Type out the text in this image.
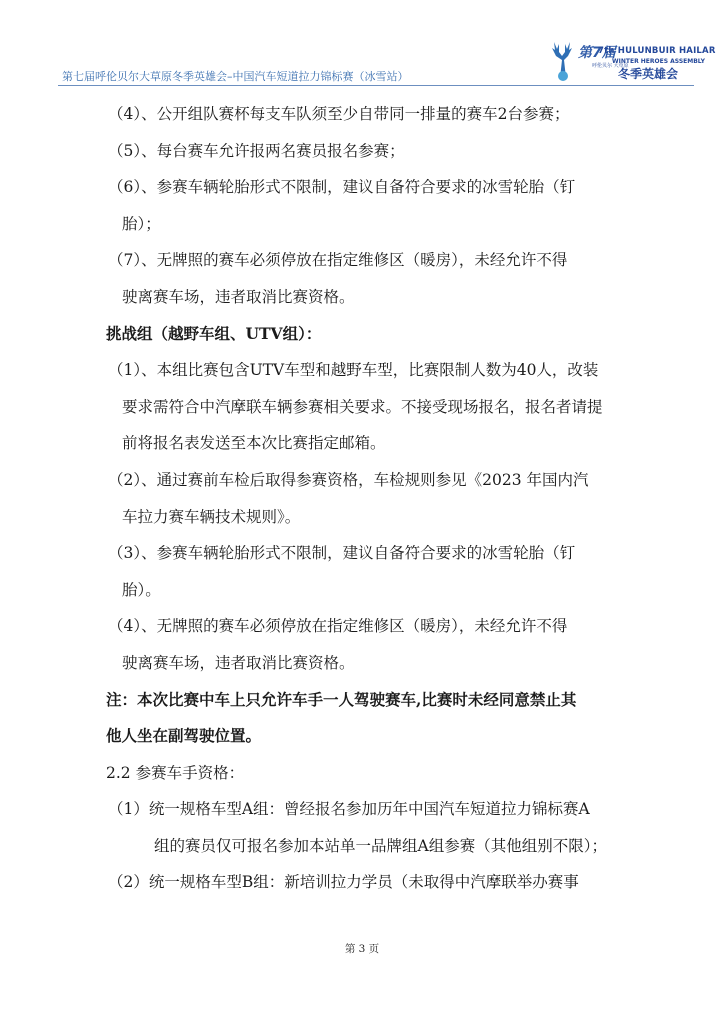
第七届呼伦贝尔大草原冬季英雄会–中国汽车短道拉力锦标赛（冰雪站）
第7届
7th HULUNBUIR HAILAR
呼伦贝尔 大草原
WINTER HEROES ASSEMBLY
冬季英雄会

（4）、公开组队赛杯每支车队须至少自带同一排量的赛车2台参赛；

（5）、每台赛车允许报两名赛员报名参赛；

（6）、参赛车辆轮胎形式不限制，建议自备符合要求的冰雪轮胎（钉

胎）；

（7）、无牌照的赛车必须停放在指定维修区（暖房），未经允许不得

驶离赛车场，违者取消比赛资格。

挑战组（越野车组、UTV组）：

（1）、本组比赛包含UTV车型和越野车型，比赛限制人数为40人，改装

要求需符合中汽摩联车辆参赛相关要求。不接受现场报名，报名者请提

前将报名表发送至本次比赛指定邮箱。

（2）、通过赛前车检后取得参赛资格，车检规则参见《2023 年国内汽

车拉力赛车辆技术规则》。

（3）、参赛车辆轮胎形式不限制，建议自备符合要求的冰雪轮胎（钉

胎）。

（4）、无牌照的赛车必须停放在指定维修区（暖房），未经允许不得

驶离赛车场，违者取消比赛资格。

注：本次比赛中车上只允许车手一人驾驶赛车,比赛时未经同意禁止其

他人坐在副驾驶位置。

2.2 参赛车手资格：

（1）统一规格车型A组：曾经报名参加历年中国汽车短道拉力锦标赛A

组的赛员仅可报名参加本站单一品牌组A组参赛（其他组别不限）；

（2）统一规格车型B组：新培训拉力学员（未取得中汽摩联举办赛事

第 3 页
